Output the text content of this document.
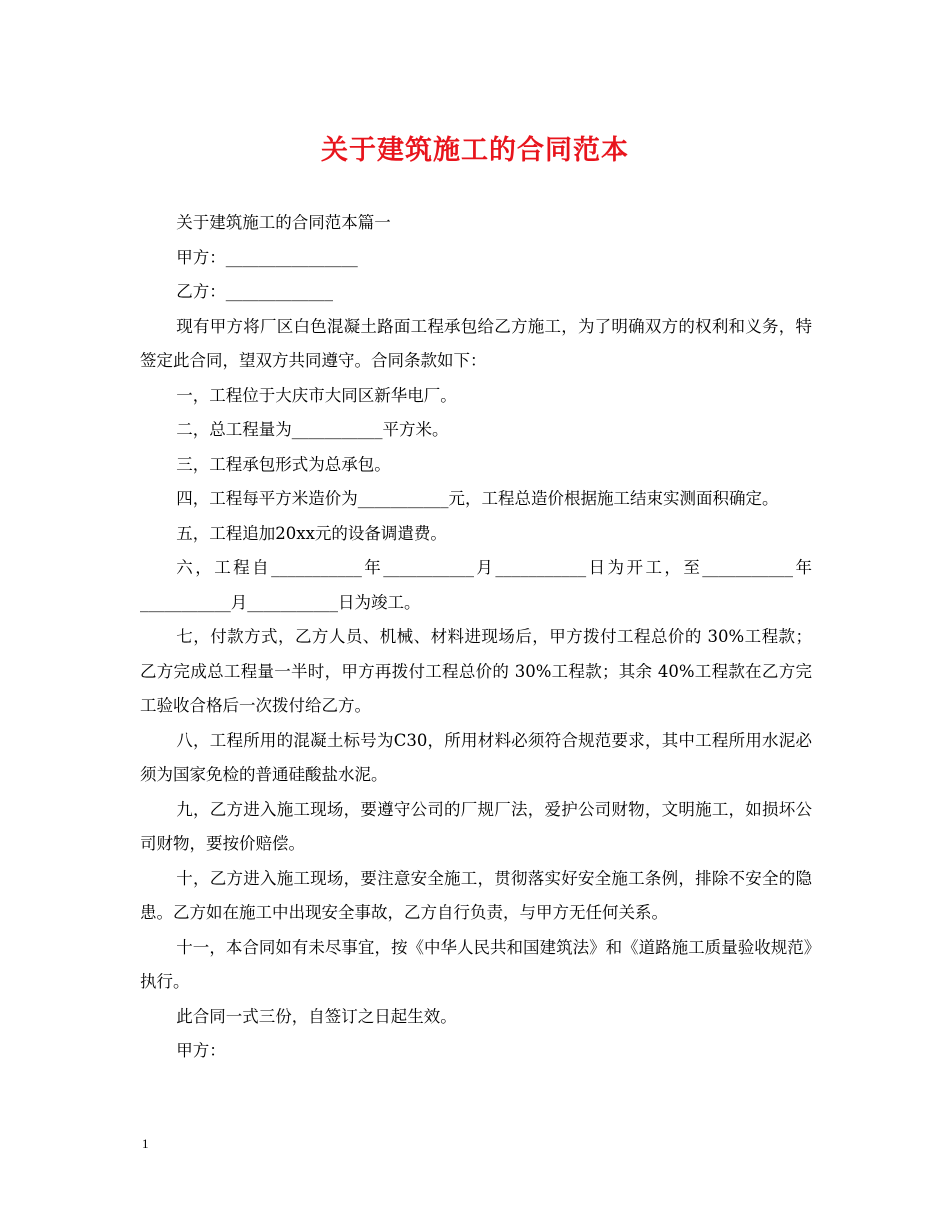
关于建筑施工的合同范本

关于建筑施工的合同范本篇一

甲方：________________

乙方：_____________

现有甲方将厂区白色混凝土路面工程承包给乙方施工，为了明确双方的权利和义务，特签定此合同，望双方共同遵守。合同条款如下：

一，工程位于大庆市大同区新华电厂。

二，总工程量为___________平方米。

三，工程承包形式为总承包。

四，工程每平方米造价为___________元，工程总造价根据施工结束实测面积确定。

五，工程追加20xx元的设备调遣费。

六，工程自___________年___________月___________日为开工，至___________年___________月___________日为竣工。

七，付款方式，乙方人员、机械、材料进现场后，甲方拨付工程总价的 30%工程款；乙方完成总工程量一半时，甲方再拨付工程总价的 30%工程款；其余 40%工程款在乙方完工验收合格后一次拨付给乙方。

八，工程所用的混凝土标号为C30，所用材料必须符合规范要求，其中工程所用水泥必须为国家免检的普通硅酸盐水泥。

九，乙方进入施工现场，要遵守公司的厂规厂法，爱护公司财物，文明施工，如损坏公司财物，要按价赔偿。

十，乙方进入施工现场，要注意安全施工，贯彻落实好安全施工条例，排除不安全的隐患。乙方如在施工中出现安全事故，乙方自行负责，与甲方无任何关系。

十一，本合同如有未尽事宜，按《中华人民共和国建筑法》和《道路施工质量验收规范》执行。

此合同一式三份，自签订之日起生效。

甲方：

1
